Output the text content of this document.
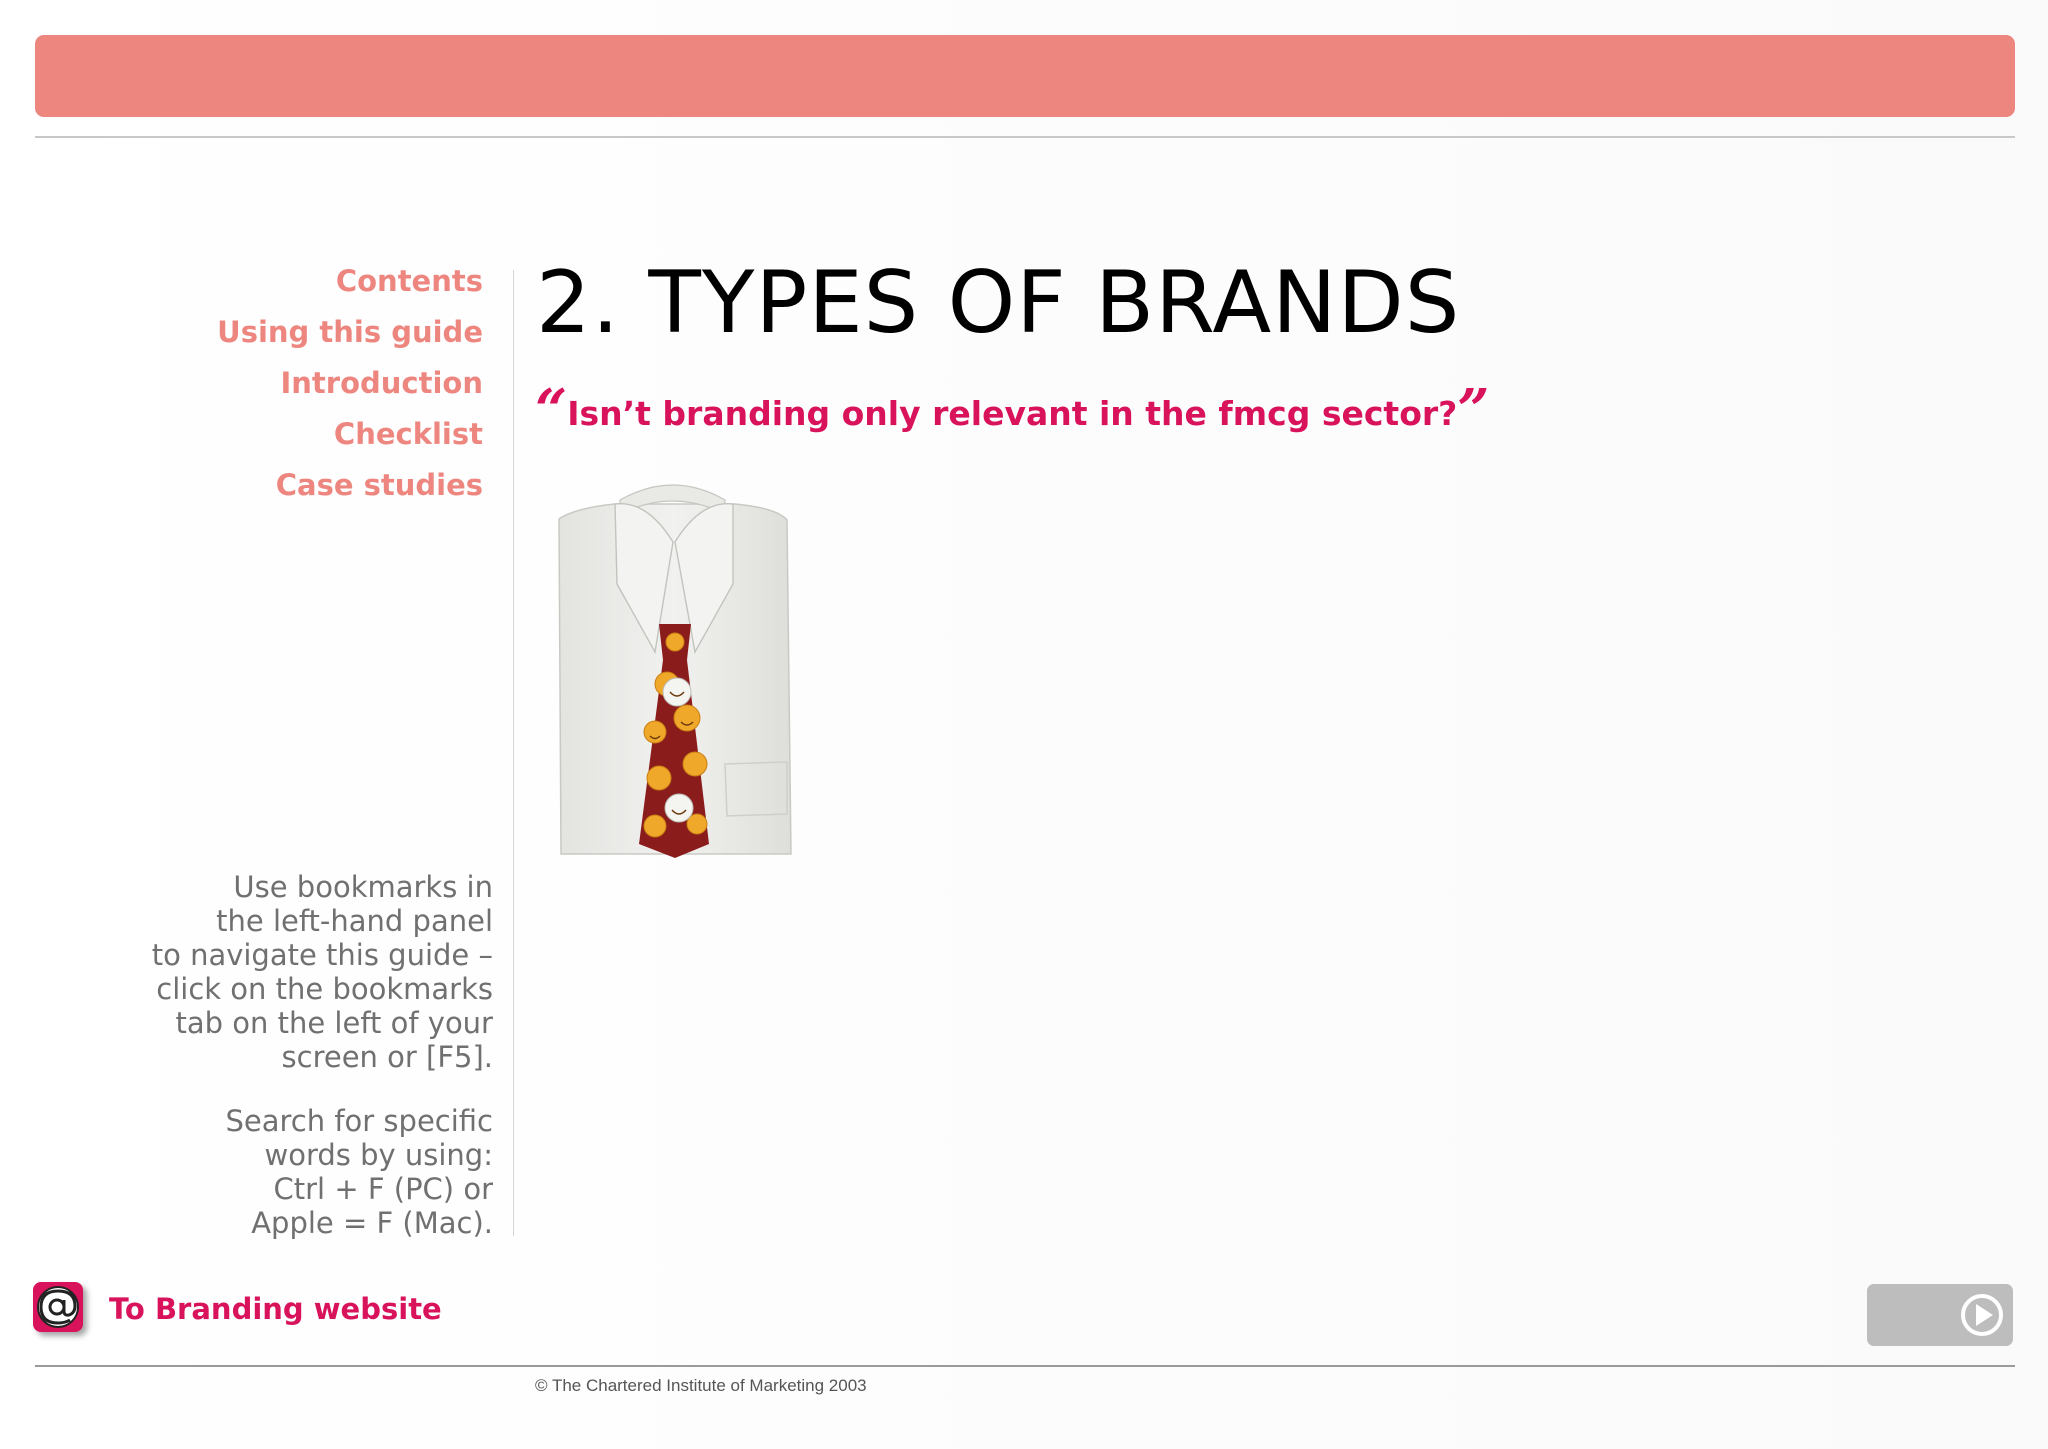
Contents
Using this guide
Introduction
Checklist
Case studies

Use bookmarks in

the left-hand panel

to navigate this guide –

click on the bookmarks

tab on the left of your

screen or [F5].

Search for specific

words by using:

Ctrl + F (PC) or

Apple = F (Mac).

2. TYPES OF BRANDS
“Isn’t branding only relevant in the fmcg sector?”
To Branding website
© The Chartered Institute of Marketing 2003
